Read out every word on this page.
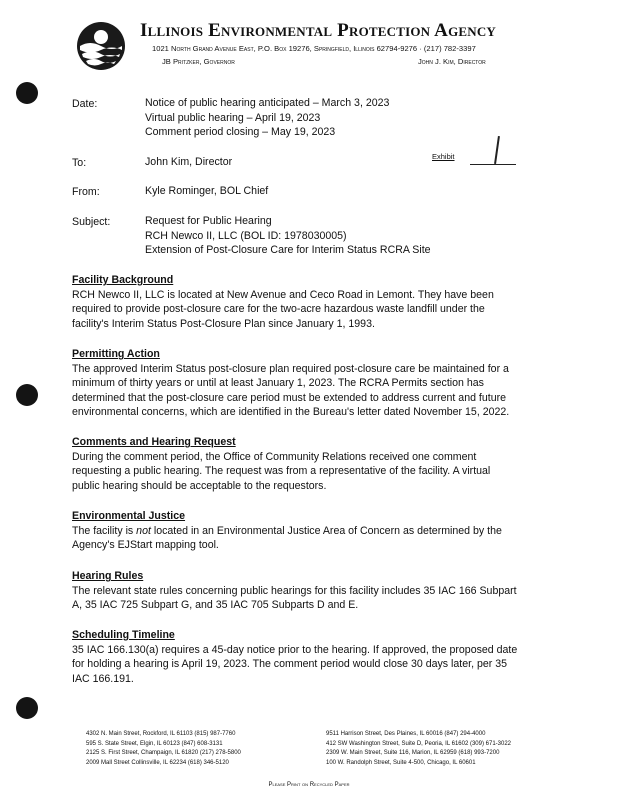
Illinois Environmental Protection Agency
1021 North Grand Avenue East, P.O. Box 19276, Springfield, Illinois 62794-9276 · (217) 782-3397
JB Pritzker, Governor	John J. Kim, Director
Date:	Notice of public hearing anticipated – March 3, 2023
Virtual public hearing – April 19, 2023
Comment period closing – May 19, 2023
To:	John Kim, Director	Exhibit
From:	Kyle Rominger, BOL Chief
Subject:	Request for Public Hearing
RCH Newco II, LLC (BOL ID: 1978030005)
Extension of Post-Closure Care for Interim Status RCRA Site
Facility Background
RCH Newco II, LLC is located at New Avenue and Ceco Road in Lemont. They have been
required to provide post-closure care for the two-acre hazardous waste landfill under the
facility's Interim Status Post-Closure Plan since January 1, 1993.
Permitting Action
The approved Interim Status post-closure plan required post-closure care be maintained for a
minimum of thirty years or until at least January 1, 2023. The RCRA Permits section has
determined that the post-closure care period must be extended to address current and future
environmental concerns, which are identified in the Bureau's letter dated November 15, 2022.
Comments and Hearing Request
During the comment period, the Office of Community Relations received one comment
requesting a public hearing. The request was from a representative of the facility. A virtual
public hearing should be acceptable to the requestors.
Environmental Justice
The facility is not located in an Environmental Justice Area of Concern as determined by the
Agency's EJStart mapping tool.
Hearing Rules
The relevant state rules concerning public hearings for this facility includes 35 IAC 166 Subpart
A, 35 IAC 725 Subpart G, and 35 IAC 705 Subparts D and E.
Scheduling Timeline
35 IAC 166.130(a) requires a 45-day notice prior to the hearing. If approved, the proposed date
for holding a hearing is April 19, 2023. The comment period would close 30 days later, per 35
IAC 166.191.
4302 N. Main Street, Rockford, IL 61103 (815) 987-7760
595 S. State Street, Elgin, IL 60123 (847) 608-3131
2125 S. First Street, Champaign, IL 61820 (217) 278-5800
2009 Mall Street Collinsville, IL 62234 (618) 346-5120
9511 Harrison Street, Des Plaines, IL 60016 (847) 294-4000
412 SW Washington Street, Suite D, Peoria, IL 61602 (309) 671-3022
2309 W. Main Street, Suite 116, Marion, IL 62959 (618) 993-7200
100 W. Randolph Street, Suite 4-500, Chicago, IL 60601
Please Print on Recycled Paper
